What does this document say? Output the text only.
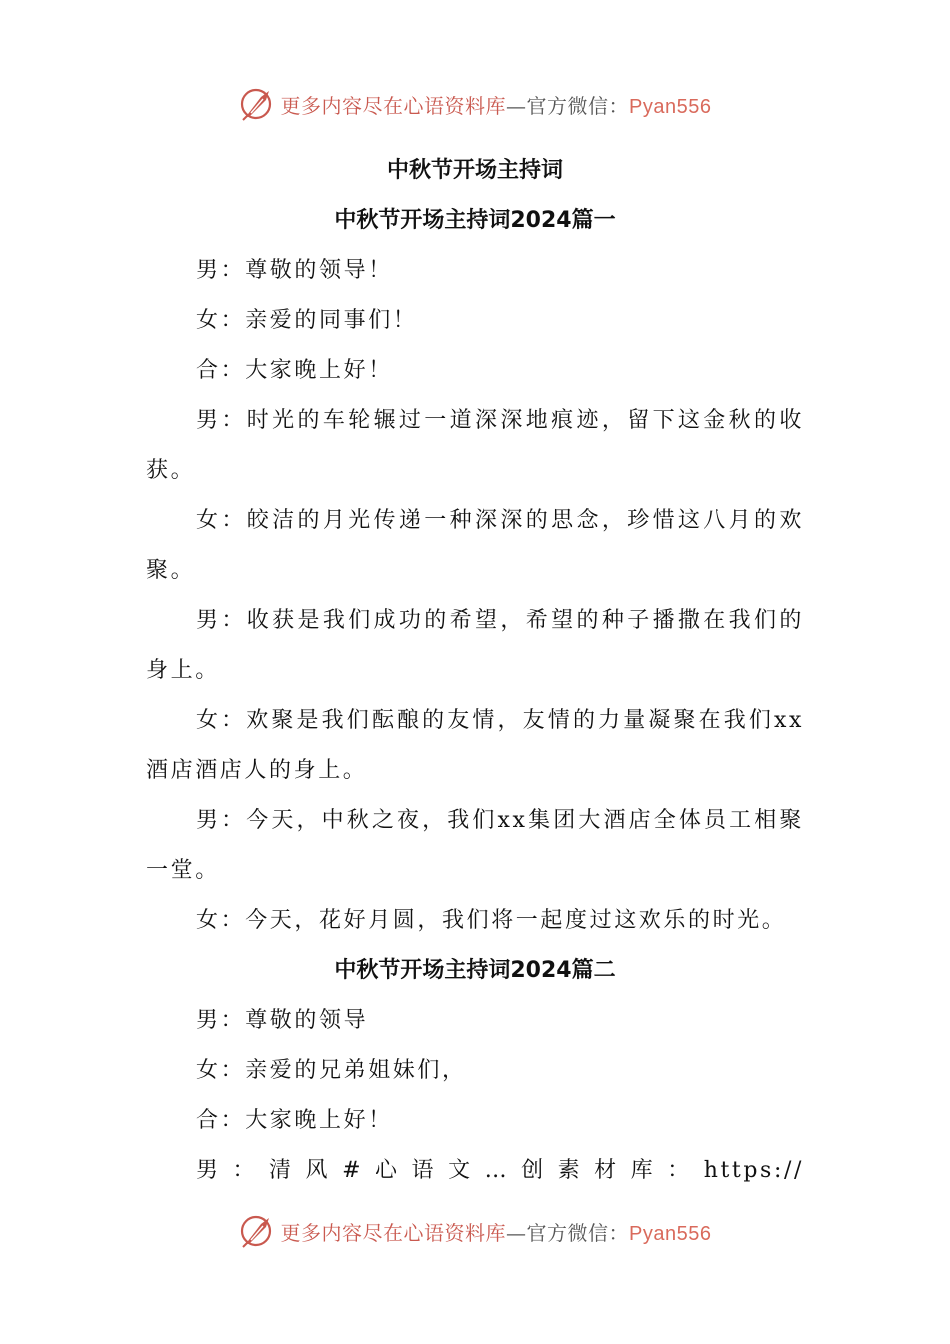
更多内容尽在心语资料库—官方微信：Pyan556

中秋节开场主持词

中秋节开场主持词2024篇一

男：尊敬的领导！

女：亲爱的同事们！

合：大家晚上好！

男：时光的车轮辗过一道深深地痕迹，留下这金秋的收获。

女：皎洁的月光传递一种深深的思念，珍惜这八月的欢聚。

男：收获是我们成功的希望，希望的种子播撒在我们的身上。

女：欢聚是我们酝酿的友情，友情的力量凝聚在我们xx酒店酒店人的身上。

男：今天，中秋之夜，我们xx集团大酒店全体员工相聚一堂。

女：今天，花好月圆，我们将一起度过这欢乐的时光。

中秋节开场主持词2024篇二

男：尊敬的领导

女：亲爱的兄弟姐妹们，

合：大家晚上好！

男：清风#心语文…创素材库：https://

更多内容尽在心语资料库—官方微信：Pyan556
